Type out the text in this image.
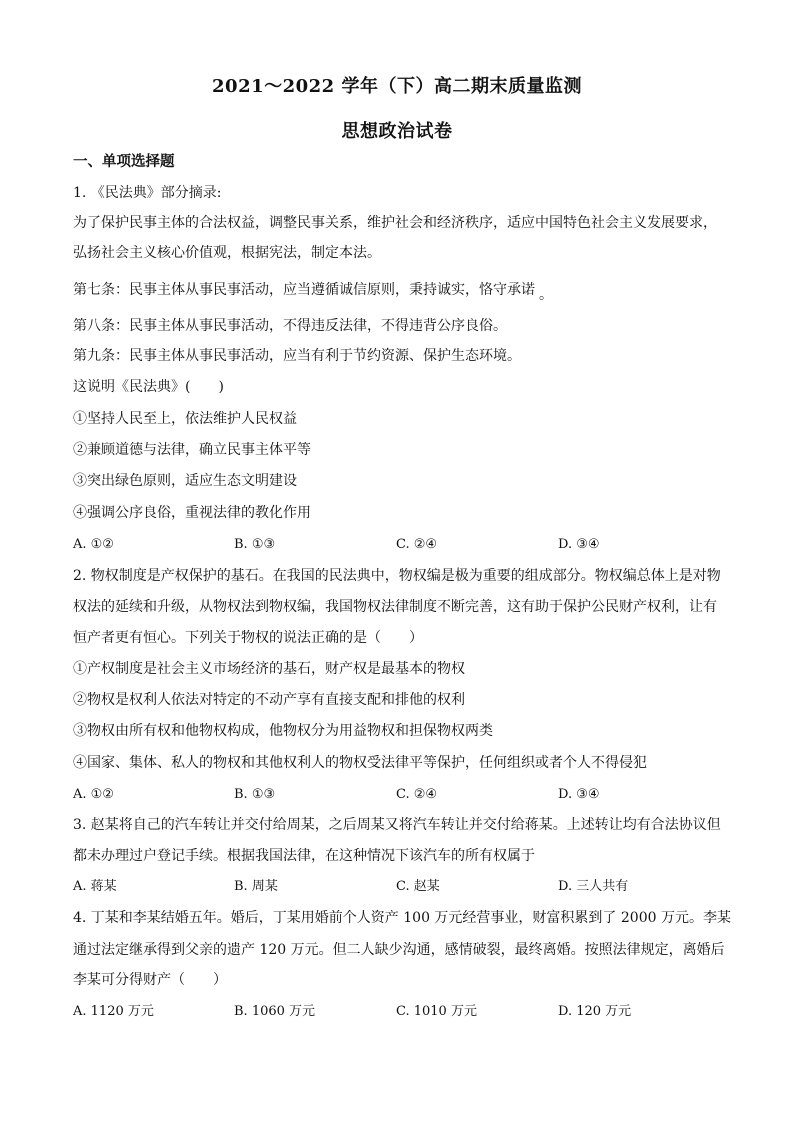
2021～2022 学年（下）高二期末质量监测
思想政治试卷
一、单项选择题
1. 《民法典》部分摘录:
为了保护民事主体的合法权益，调整民事关系，维护社会和经济秩序，适应中国特色社会主义发展要求，
弘扬社会主义核心价值观，根据宪法，制定本法。
第七条：民事主体从事民事活动，应当遵循诚信原则，秉持诚实，恪守承诺 。
第八条：民事主体从事民事活动，不得违反法律，不得违背公序良俗。
第九条：民事主体从事民事活动，应当有利于节约资源、保护生态环境。
这说明《民法典》(　　)
①坚持人民至上，依法维护人民权益
②兼顾道德与法律，确立民事主体平等
③突出绿色原则，适应生态文明建设
④强调公序良俗，重视法律的教化作用
A. ①②	B. ①③	C. ②④	D. ③④
2. 物权制度是产权保护的基石。在我国的民法典中，物权编是极为重要的组成部分。物权编总体上是对物
权法的延续和升级，从物权法到物权编，我国物权法律制度不断完善，这有助于保护公民财产权利，让有
恒产者更有恒心。下列关于物权的说法正确的是（　　）
①产权制度是社会主义市场经济的基石，财产权是最基本的物权
②物权是权利人依法对特定的不动产享有直接支配和排他的权利
③物权由所有权和他物权构成，他物权分为用益物权和担保物权两类
④国家、集体、私人的物权和其他权利人的物权受法律平等保护，任何组织或者个人不得侵犯
A. ①②	B. ①③	C. ②④	D. ③④
3. 赵某将自己的汽车转让并交付给周某，之后周某又将汽车转让并交付给蒋某。上述转让均有合法协议但
都未办理过户登记手续。根据我国法律，在这种情况下该汽车的所有权属于
A. 蒋某	B. 周某	C. 赵某	D. 三人共有
4. 丁某和李某结婚五年。婚后，丁某用婚前个人资产 100 万元经营事业，财富积累到了 2000 万元。李某
通过法定继承得到父亲的遗产 120 万元。但二人缺少沟通，感情破裂，最终离婚。按照法律规定，离婚后
李某可分得财产（　　）
A. 1120 万元	B. 1060 万元	C. 1010 万元	D. 120 万元
